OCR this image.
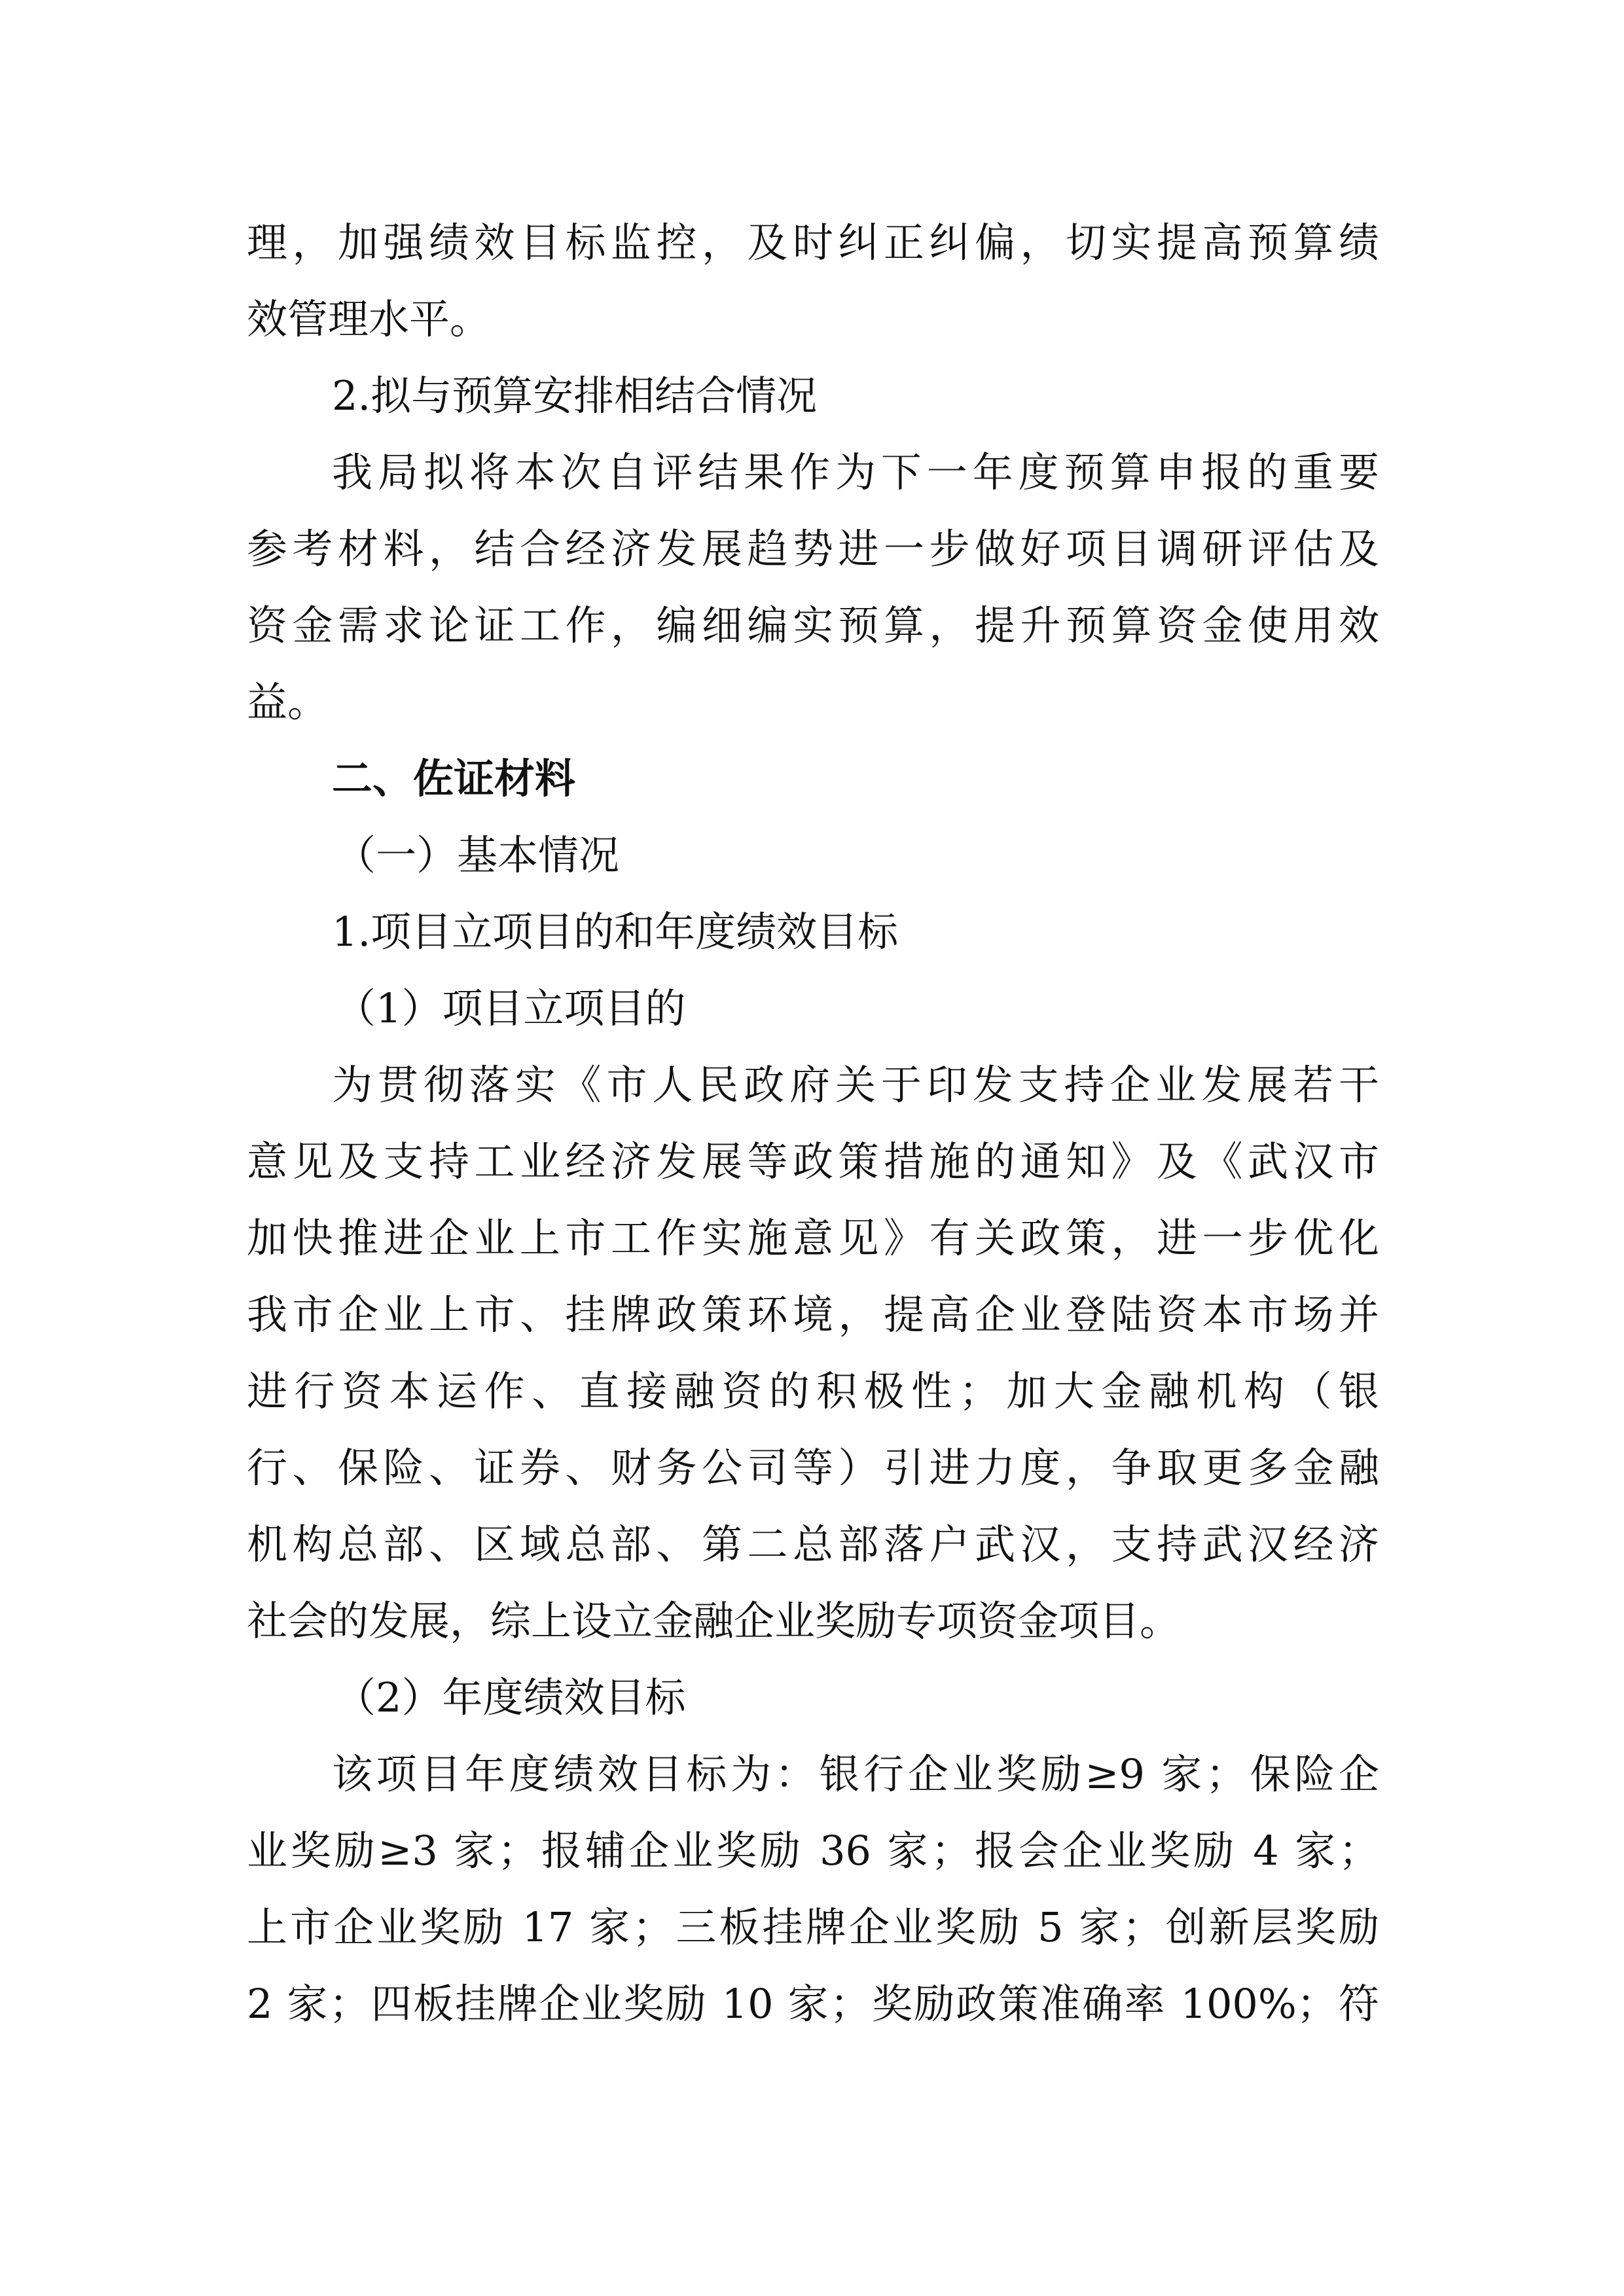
理，加强绩效目标监控，及时纠正纠偏，切实提高预算绩
效管理水平。
2.拟与预算安排相结合情况
我局拟将本次自评结果作为下一年度预算申报的重要
参考材料，结合经济发展趋势进一步做好项目调研评估及
资金需求论证工作，编细编实预算，提升预算资金使用效
益。
二、佐证材料
（一）基本情况
1.项目立项目的和年度绩效目标
（1）项目立项目的
为贯彻落实《市人民政府关于印发支持企业发展若干
意见及支持工业经济发展等政策措施的通知》及《武汉市
加快推进企业上市工作实施意见》有关政策，进一步优化
我市企业上市、挂牌政策环境，提高企业登陆资本市场并
进行资本运作、直接融资的积极性；加大金融机构（银
行、保险、证券、财务公司等）引进力度，争取更多金融
机构总部、区域总部、第二总部落户武汉，支持武汉经济
社会的发展，综上设立金融企业奖励专项资金项目。
（2）年度绩效目标
该项目年度绩效目标为：银行企业奖励≥9 家；保险企
业奖励≥3 家；报辅企业奖励 36 家；报会企业奖励 4 家；
上市企业奖励 17 家；三板挂牌企业奖励 5 家；创新层奖励
2 家；四板挂牌企业奖励 10 家；奖励政策准确率 100%；符
